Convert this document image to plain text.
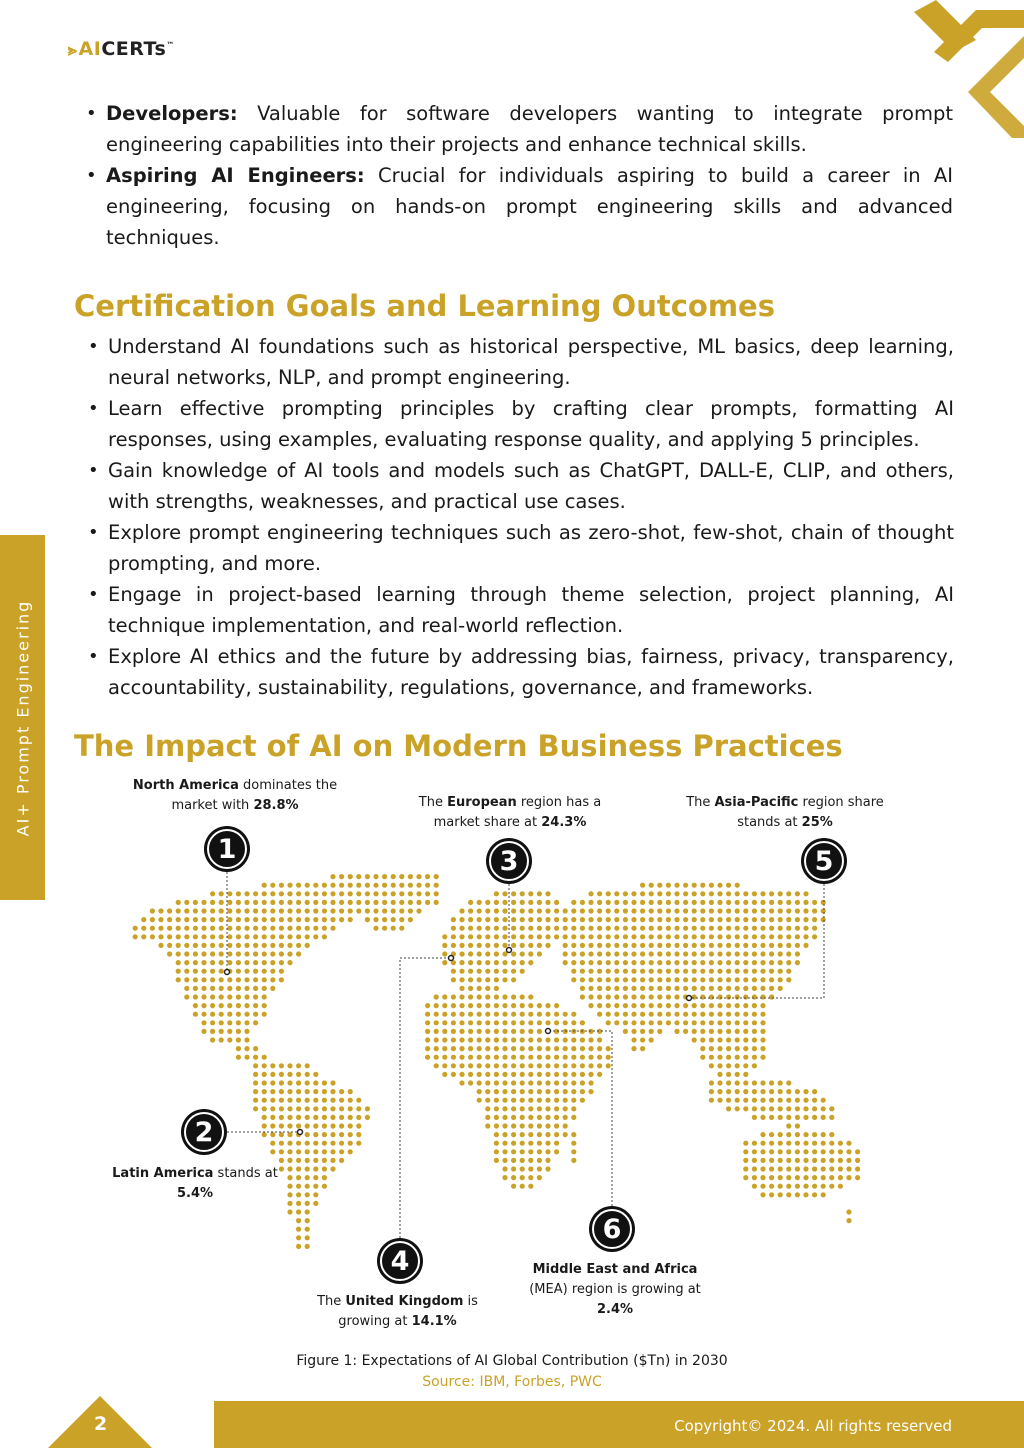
⪢AICERTs™
AI+ Prompt Engineering
• Developers: Valuable for software developers wanting to integrate prompt engineering capabilities into their projects and enhance technical skills.
• Aspiring AI Engineers: Crucial for individuals aspiring to build a career in AI engineering, focusing on hands-on prompt engineering skills and advanced techniques.
Certification Goals and Learning Outcomes
• Understand AI foundations such as historical perspective, ML basics, deep learning, neural networks, NLP, and prompt engineering.
• Learn effective prompting principles by crafting clear prompts, formatting AI responses, using examples, evaluating response quality, and applying 5 principles.
• Gain knowledge of AI tools and models such as ChatGPT, DALL-E, CLIP, and others, with strengths, weaknesses, and practical use cases.
• Explore prompt engineering techniques such as zero-shot, few-shot, chain of thought prompting, and more.
• Engage in project-based learning through theme selection, project planning, AI technique implementation, and real-world reflection.
• Explore AI ethics and the future by addressing bias, fairness, privacy, transparency, accountability, sustainability, regulations, governance, and frameworks.
The Impact of AI on Modern Business Practices
1
2
3
4
5
6
North America dominates the market with 28.8%	The European region has a market share at 24.3%
The Asia-Pacific region share stands at 25%
Latin America stands at 5.4%
The United Kingdom is growing at 14.1%
Middle East and Africa (MEA) region is growing at 2.4%
Figure 1: Expectations of AI Global Contribution ($Tn) in 2030
Source: IBM, Forbes, PWC
2	Copyright© 2024. All rights reserved
